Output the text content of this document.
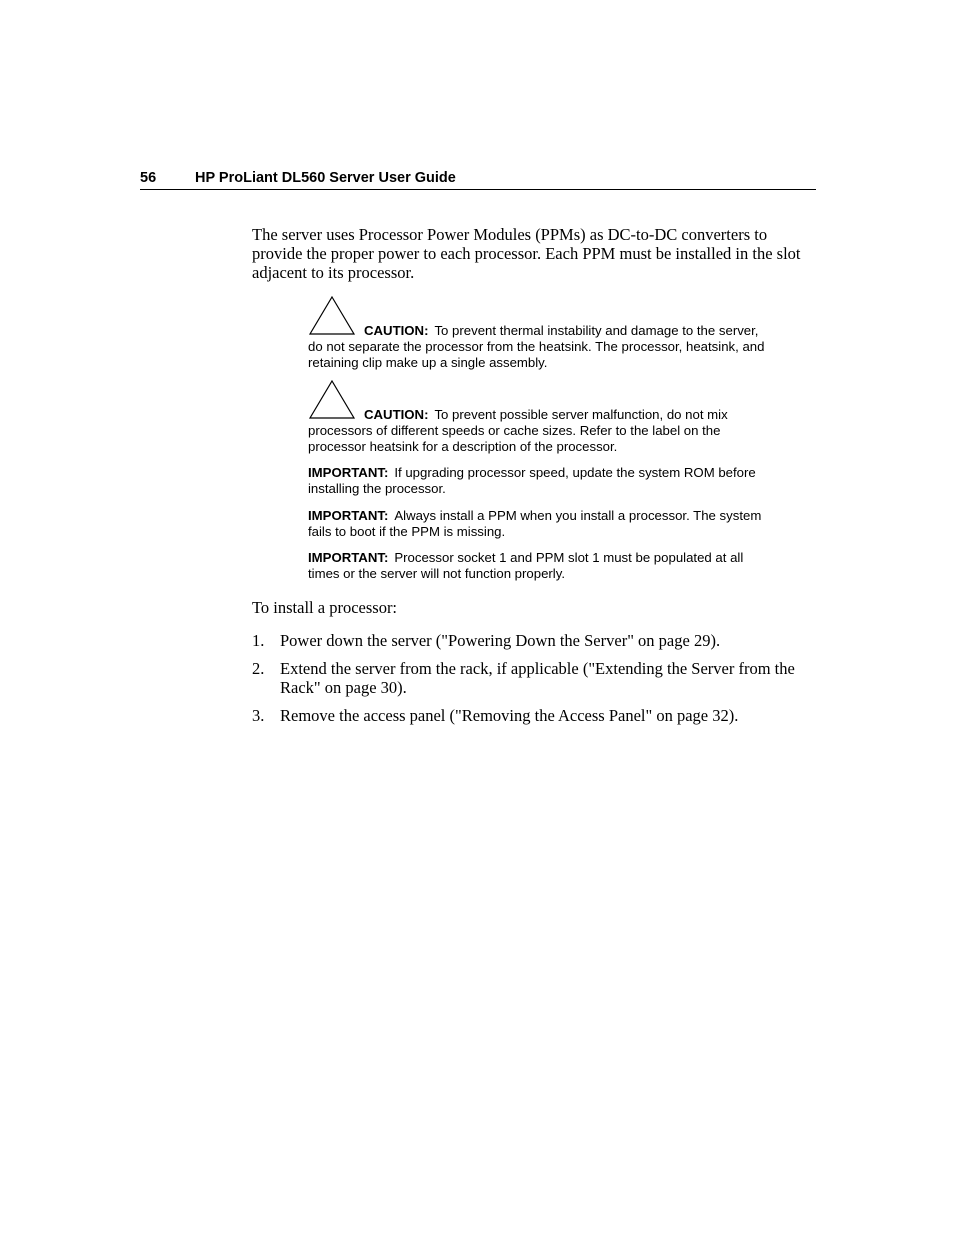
56	HP ProLiant DL560 Server User Guide

The server uses Processor Power Modules (PPMs) as DC-to-DC converters to provide the proper power to each processor. Each PPM must be installed in the slot adjacent to its processor.

CAUTION: To prevent thermal instability and damage to the server, do not separate the processor from the heatsink. The processor, heatsink, and retaining clip make up a single assembly.

CAUTION: To prevent possible server malfunction, do not mix processors of different speeds or cache sizes. Refer to the label on the processor heatsink for a description of the processor.

IMPORTANT: If upgrading processor speed, update the system ROM before installing the processor.

IMPORTANT: Always install a PPM when you install a processor. The system fails to boot if the PPM is missing.

IMPORTANT: Processor socket 1 and PPM slot 1 must be populated at all times or the server will not function properly.

To install a processor:

1. Power down the server ("Powering Down the Server" on page 29).
2. Extend the server from the rack, if applicable ("Extending the Server from the Rack" on page 30).
3. Remove the access panel ("Removing the Access Panel" on page 32).
